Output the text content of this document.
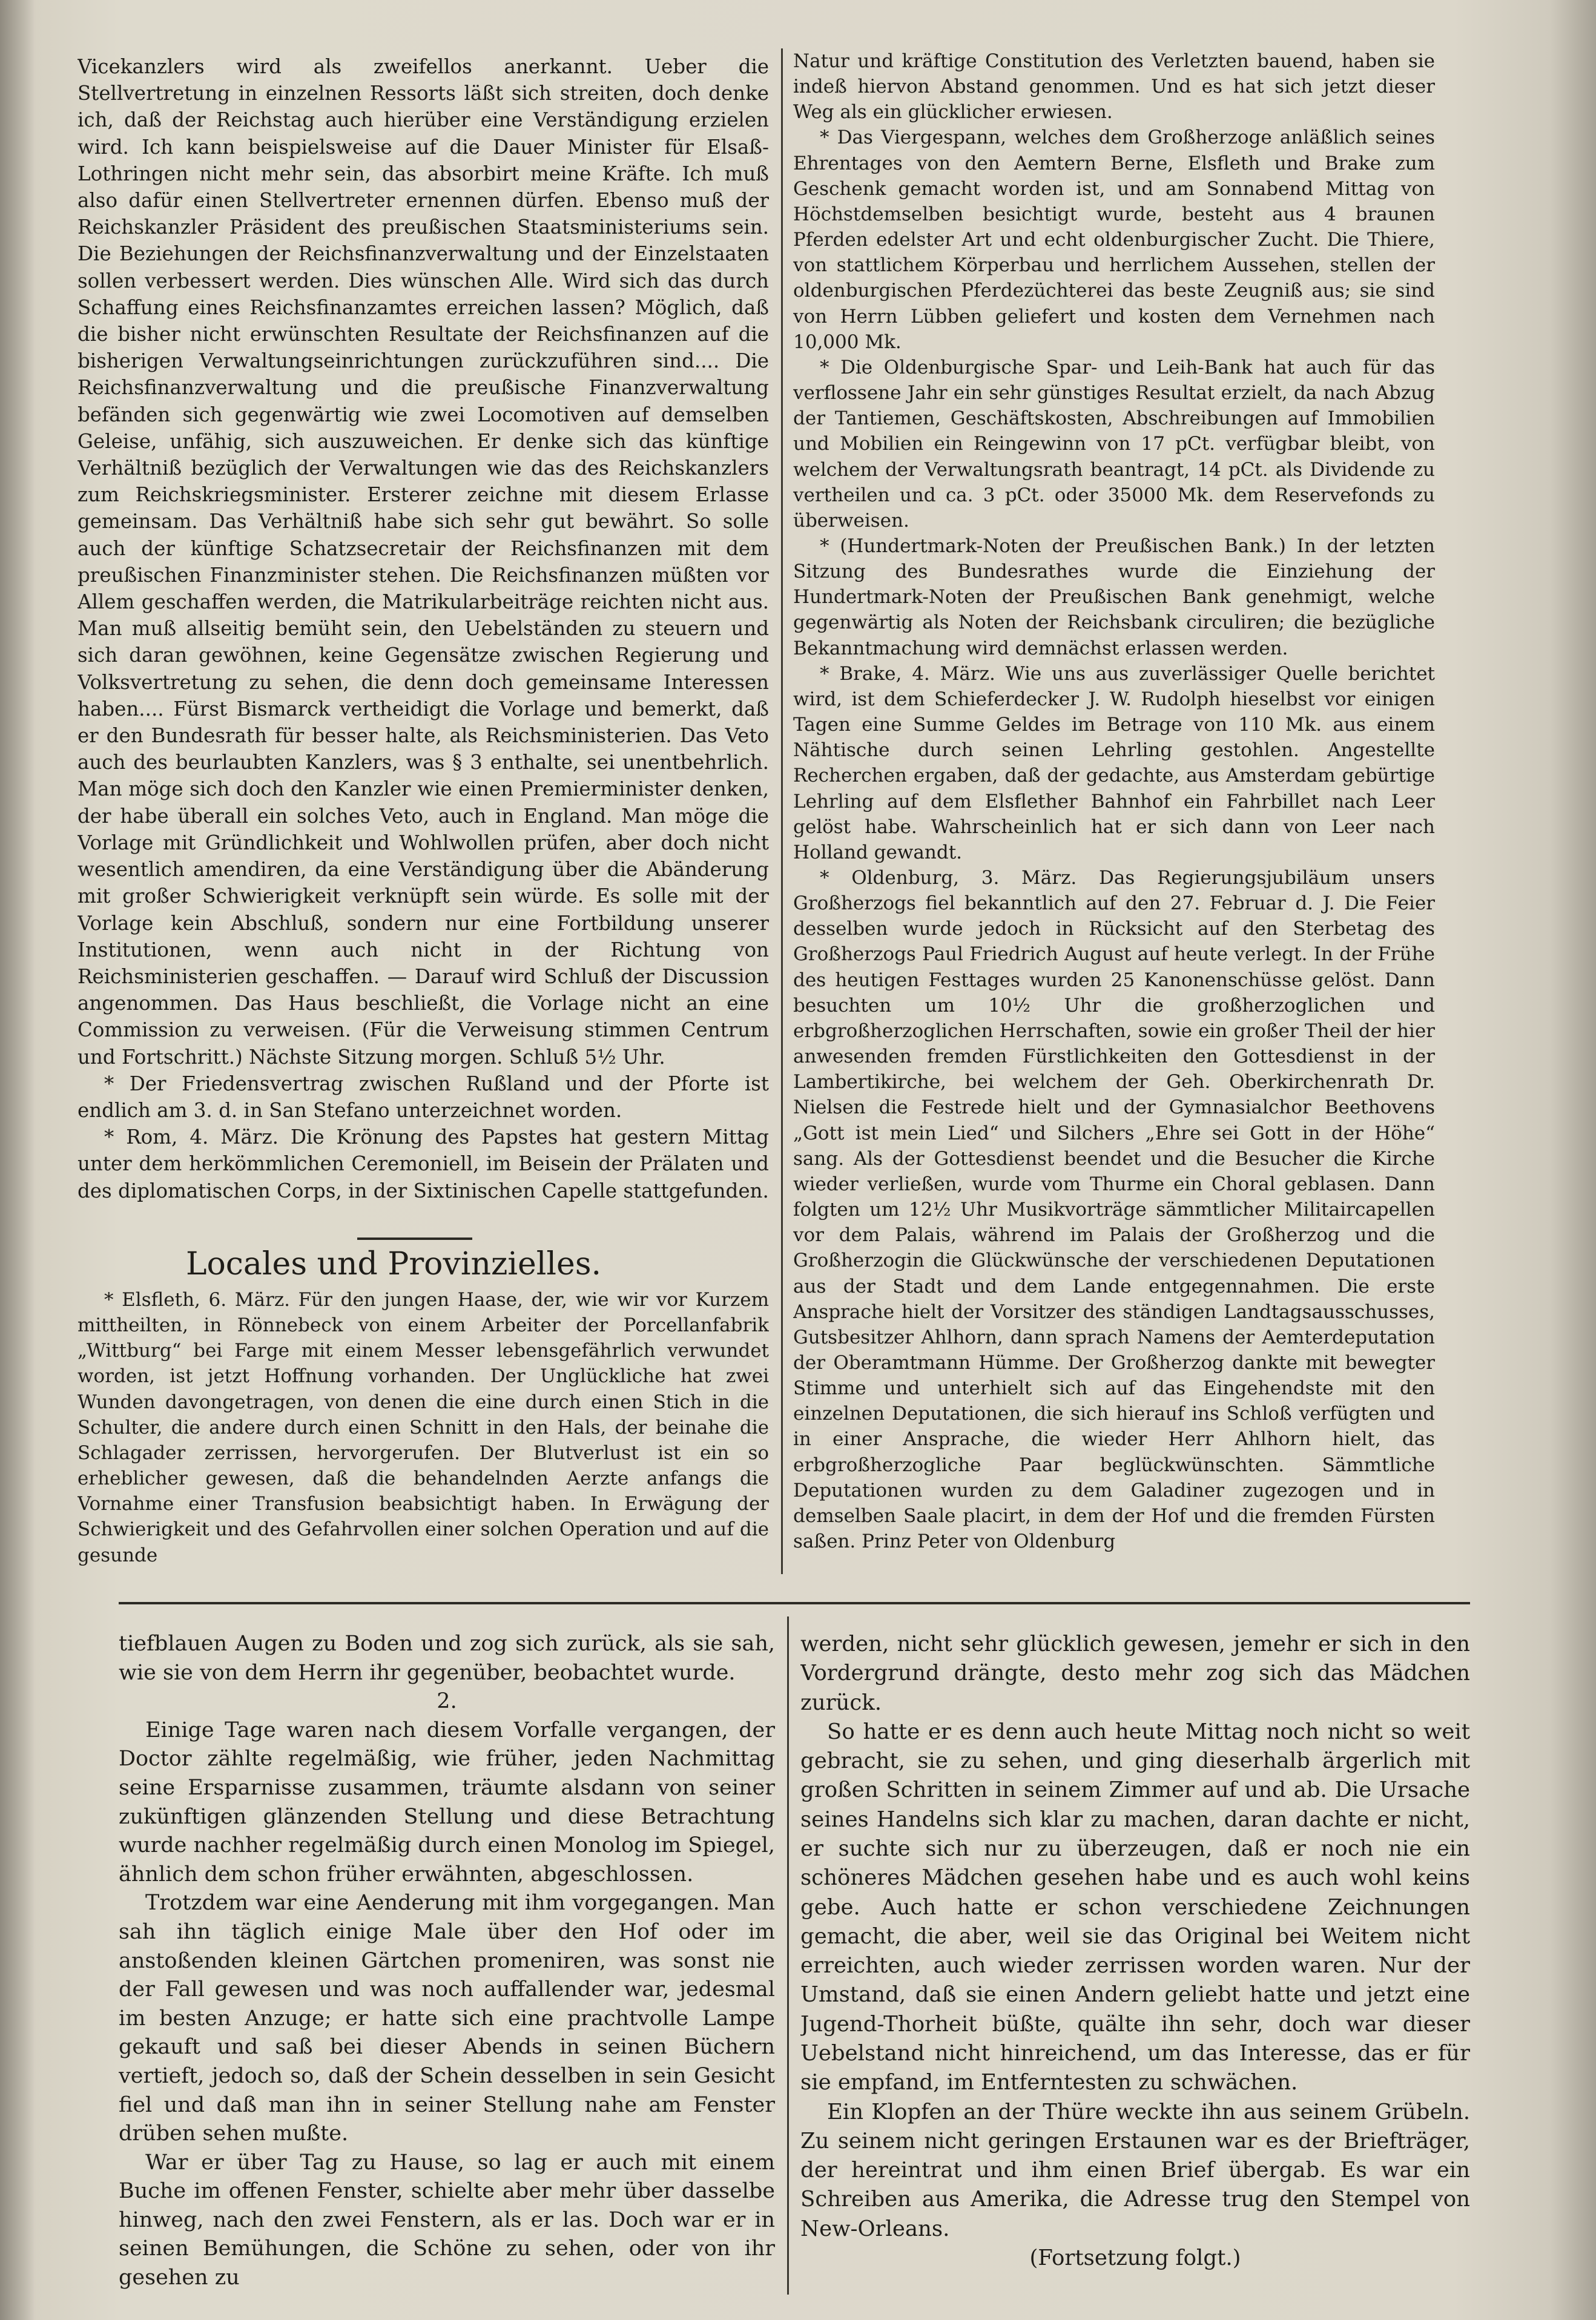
Vicekanzlers wird als zweifellos anerkannt. Ueber die Stellvertretung in einzelnen Ressorts läßt sich streiten, doch denke ich, daß der Reichstag auch hierüber eine Verständigung erzielen wird. Ich kann beispielsweise auf die Dauer Minister für Elsaß-Lothringen nicht mehr sein, das absorbirt meine Kräfte. Ich muß also dafür einen Stellvertreter ernennen dürfen. Ebenso muß der Reichskanzler Präsident des preußischen Staatsministeriums sein. Die Beziehungen der Reichsfinanzverwaltung und der Einzelstaaten sollen verbessert werden. Dies wünschen Alle. Wird sich das durch Schaffung eines Reichsfinanzamtes erreichen lassen? Möglich, daß die bisher nicht erwünschten Resultate der Reichsfinanzen auf die bisherigen Verwaltungseinrichtungen zurückzuführen sind.... Die Reichsfinanzverwaltung und die preußische Finanzverwaltung befänden sich gegenwärtig wie zwei Locomotiven auf demselben Geleise, unfähig, sich auszuweichen. Er denke sich das künftige Verhältniß bezüglich der Verwaltungen wie das des Reichskanzlers zum Reichskriegsminister. Ersterer zeichne mit diesem Erlasse gemeinsam. Das Verhältniß habe sich sehr gut bewährt. So solle auch der künftige Schatzsecretair der Reichsfinanzen mit dem preußischen Finanzminister stehen. Die Reichsfinanzen müßten vor Allem geschaffen werden, die Matrikularbeiträge reichten nicht aus. Man muß allseitig bemüht sein, den Uebelständen zu steuern und sich daran gewöhnen, keine Gegensätze zwischen Regierung und Volksvertretung zu sehen, die denn doch gemeinsame Interessen haben.... Fürst Bismarck vertheidigt die Vorlage und bemerkt, daß er den Bundesrath für besser halte, als Reichsministerien. Das Veto auch des beurlaubten Kanzlers, was § 3 enthalte, sei unentbehrlich. Man möge sich doch den Kanzler wie einen Premierminister denken, der habe überall ein solches Veto, auch in England. Man möge die Vorlage mit Gründlichkeit und Wohlwollen prüfen, aber doch nicht wesentlich amendiren, da eine Verständigung über die Abänderung mit großer Schwierigkeit verknüpft sein würde. Es solle mit der Vorlage kein Abschluß, sondern nur eine Fortbildung unserer Institutionen, wenn auch nicht in der Richtung von Reichsministerien geschaffen. — Darauf wird Schluß der Discussion angenommen. Das Haus beschließt, die Vorlage nicht an eine Commission zu verweisen. (Für die Verweisung stimmen Centrum und Fortschritt.) Nächste Sitzung morgen. Schluß 5½ Uhr.

* Der Friedensvertrag zwischen Rußland und der Pforte ist endlich am 3. d. in San Stefano unterzeichnet worden.

* Rom, 4. März. Die Krönung des Papstes hat gestern Mittag unter dem herkömmlichen Ceremoniell, im Beisein der Prälaten und des diplomatischen Corps, in der Sixtinischen Capelle stattgefunden.

Locales und Provinzielles.

* Elsfleth, 6. März. Für den jungen Haase, der, wie wir vor Kurzem mittheilten, in Rönnebeck von einem Arbeiter der Porcellanfabrik „Wittburg“ bei Farge mit einem Messer lebensgefährlich verwundet worden, ist jetzt Hoffnung vorhanden. Der Unglückliche hat zwei Wunden davongetragen, von denen die eine durch einen Stich in die Schulter, die andere durch einen Schnitt in den Hals, der beinahe die Schlagader zerrissen, hervorgerufen. Der Blutverlust ist ein so erheblicher gewesen, daß die behandelnden Aerzte anfangs die Vornahme einer Transfusion beabsichtigt haben. In Erwägung der Schwierigkeit und des Gefahrvollen einer solchen Operation und auf die gesunde

Natur und kräftige Constitution des Verletzten bauend, haben sie indeß hiervon Abstand genommen. Und es hat sich jetzt dieser Weg als ein glücklicher erwiesen.

* Das Viergespann, welches dem Großherzoge anläßlich seines Ehrentages von den Aemtern Berne, Elsfleth und Brake zum Geschenk gemacht worden ist, und am Sonnabend Mittag von Höchstdemselben besichtigt wurde, besteht aus 4 braunen Pferden edelster Art und echt oldenburgischer Zucht. Die Thiere, von stattlichem Körperbau und herrlichem Aussehen, stellen der oldenburgischen Pferdezüchterei das beste Zeugniß aus; sie sind von Herrn Lübben geliefert und kosten dem Vernehmen nach 10,000 Mk.

* Die Oldenburgische Spar- und Leih-Bank hat auch für das verflossene Jahr ein sehr günstiges Resultat erzielt, da nach Abzug der Tantiemen, Geschäftskosten, Abschreibungen auf Immobilien und Mobilien ein Reingewinn von 17 pCt. verfügbar bleibt, von welchem der Verwaltungsrath beantragt, 14 pCt. als Dividende zu vertheilen und ca. 3 pCt. oder 35000 Mk. dem Reservefonds zu überweisen.

* (Hundertmark-Noten der Preußischen Bank.) In der letzten Sitzung des Bundesrathes wurde die Einziehung der Hundertmark-Noten der Preußischen Bank genehmigt, welche gegenwärtig als Noten der Reichsbank circuliren; die bezügliche Bekanntmachung wird demnächst erlassen werden.

* Brake, 4. März. Wie uns aus zuverlässiger Quelle berichtet wird, ist dem Schieferdecker J. W. Rudolph hieselbst vor einigen Tagen eine Summe Geldes im Betrage von 110 Mk. aus einem Nähtische durch seinen Lehrling gestohlen. Angestellte Recherchen ergaben, daß der gedachte, aus Amsterdam gebürtige Lehrling auf dem Elsflether Bahnhof ein Fahrbillet nach Leer gelöst habe. Wahrscheinlich hat er sich dann von Leer nach Holland gewandt.

* Oldenburg, 3. März. Das Regierungsjubiläum unsers Großherzogs fiel bekanntlich auf den 27. Februar d. J. Die Feier desselben wurde jedoch in Rücksicht auf den Sterbetag des Großherzogs Paul Friedrich August auf heute verlegt. In der Frühe des heutigen Festtages wurden 25 Kanonenschüsse gelöst. Dann besuchten um 10½ Uhr die großherzoglichen und erbgroßherzoglichen Herrschaften, sowie ein großer Theil der hier anwesenden fremden Fürstlichkeiten den Gottesdienst in der Lambertikirche, bei welchem der Geh. Oberkirchenrath Dr. Nielsen die Festrede hielt und der Gymnasialchor Beethovens „Gott ist mein Lied“ und Silchers „Ehre sei Gott in der Höhe“ sang. Als der Gottesdienst beendet und die Besucher die Kirche wieder verließen, wurde vom Thurme ein Choral geblasen. Dann folgten um 12½ Uhr Musikvorträge sämmtlicher Militaircapellen vor dem Palais, während im Palais der Großherzog und die Großherzogin die Glückwünsche der verschiedenen Deputationen aus der Stadt und dem Lande entgegennahmen. Die erste Ansprache hielt der Vorsitzer des ständigen Landtagsausschusses, Gutsbesitzer Ahlhorn, dann sprach Namens der Aemterdeputation der Oberamtmann Hümme. Der Großherzog dankte mit bewegter Stimme und unterhielt sich auf das Eingehendste mit den einzelnen Deputationen, die sich hierauf ins Schloß verfügten und in einer Ansprache, die wieder Herr Ahlhorn hielt, das erbgroßherzogliche Paar beglückwünschten. Sämmtliche Deputationen wurden zu dem Galadiner zugezogen und in demselben Saale placirt, in dem der Hof und die fremden Fürsten saßen. Prinz Peter von Oldenburg

tiefblauen Augen zu Boden und zog sich zurück, als sie sah, wie sie von dem Herrn ihr gegenüber, beobachtet wurde.

2.

Einige Tage waren nach diesem Vorfalle vergangen, der Doctor zählte regelmäßig, wie früher, jeden Nachmittag seine Ersparnisse zusammen, träumte alsdann von seiner zukünftigen glänzenden Stellung und diese Betrachtung wurde nachher regelmäßig durch einen Monolog im Spiegel, ähnlich dem schon früher erwähnten, abgeschlossen.

Trotzdem war eine Aenderung mit ihm vorgegangen. Man sah ihn täglich einige Male über den Hof oder im anstoßenden kleinen Gärtchen promeniren, was sonst nie der Fall gewesen und was noch auffallender war, jedesmal im besten Anzuge; er hatte sich eine prachtvolle Lampe gekauft und saß bei dieser Abends in seinen Büchern vertieft, jedoch so, daß der Schein desselben in sein Gesicht fiel und daß man ihn in seiner Stellung nahe am Fenster drüben sehen mußte.

War er über Tag zu Hause, so lag er auch mit einem Buche im offenen Fenster, schielte aber mehr über dasselbe hinweg, nach den zwei Fenstern, als er las. Doch war er in seinen Bemühungen, die Schöne zu sehen, oder von ihr gesehen zu

werden, nicht sehr glücklich gewesen, jemehr er sich in den Vordergrund drängte, desto mehr zog sich das Mädchen zurück.

So hatte er es denn auch heute Mittag noch nicht so weit gebracht, sie zu sehen, und ging dieserhalb ärgerlich mit großen Schritten in seinem Zimmer auf und ab. Die Ursache seines Handelns sich klar zu machen, daran dachte er nicht, er suchte sich nur zu überzeugen, daß er noch nie ein schöneres Mädchen gesehen habe und es auch wohl keins gebe. Auch hatte er schon verschiedene Zeichnungen gemacht, die aber, weil sie das Original bei Weitem nicht erreichten, auch wieder zerrissen worden waren. Nur der Umstand, daß sie einen Andern geliebt hatte und jetzt eine Jugend-Thorheit büßte, quälte ihn sehr, doch war dieser Uebelstand nicht hinreichend, um das Interesse, das er für sie empfand, im Entferntesten zu schwächen.

Ein Klopfen an der Thüre weckte ihn aus seinem Grübeln. Zu seinem nicht geringen Erstaunen war es der Briefträger, der hereintrat und ihm einen Brief übergab. Es war ein Schreiben aus Amerika, die Adresse trug den Stempel von New-Orleans.

(Fortsetzung folgt.)
